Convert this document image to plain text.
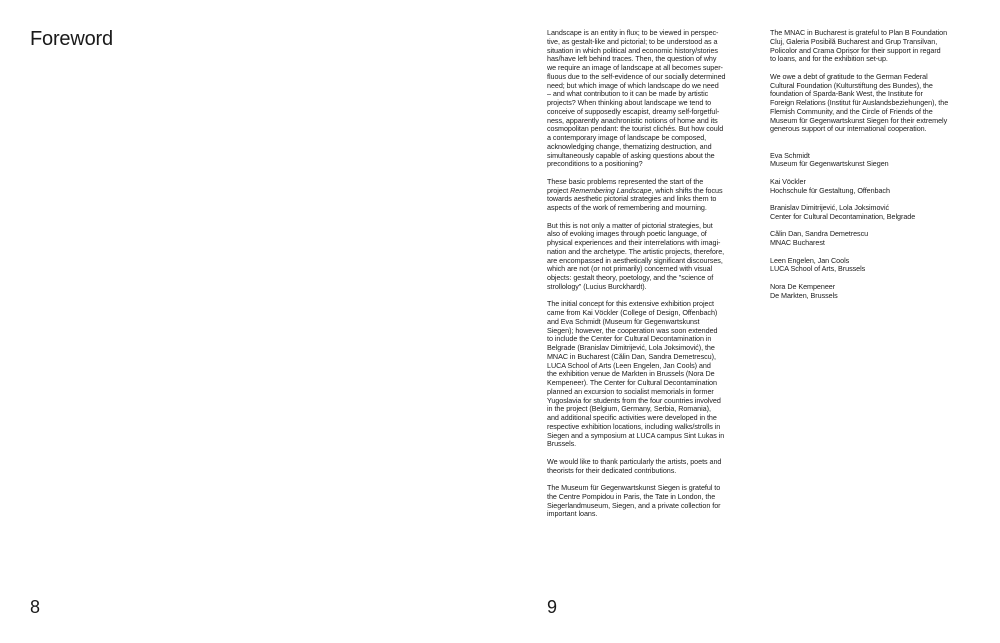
Foreword
8

Landscape is an entity in flux; to be viewed in perspec-
tive, as gestalt-like and pictorial; to be understood as a
situation in which political and economic history/stories
has/have left behind traces. Then, the question of why
we require an image of landscape at all becomes super-
fluous due to the self-evidence of our socially determined
need; but which image of which landscape do we need
– and what contribution to it can be made by artistic
projects? When thinking about landscape we tend to
conceive of supposedly escapist, dreamy self-forgetful-
ness, apparently anachronistic notions of home and its
cosmopolitan pendant: the tourist clichés. But how could
a contemporary image of landscape be composed,
acknowledging change, thematizing destruction, and
simultaneously capable of asking questions about the
preconditions to a positioning?

These basic problems represented the start of the
project Remembering Landscape, which shifts the focus
towards aesthetic pictorial strategies and links them to
aspects of the work of remembering and mourning.

But this is not only a matter of pictorial strategies, but
also of evoking images through poetic language, of
physical experiences and their interrelations with imagi-
nation and the archetype. The artistic projects, therefore,
are encompassed in aesthetically significant discourses,
which are not (or not primarily) concerned with visual
objects: gestalt theory, poetology, and the "science of
strollology" (Lucius Burckhardt).

The initial concept for this extensive exhibition project
came from Kai Vöckler (College of Design, Offenbach)
and Eva Schmidt (Museum für Gegenwartskunst
Siegen); however, the cooperation was soon extended
to include the Center for Cultural Decontamination in
Belgrade (Branislav Dimitrijević, Lola Joksimović), the
MNAC in Bucharest (Călin Dan, Sandra Demetrescu),
LUCA School of Arts (Leen Engelen, Jan Cools) and
the exhibition venue de Markten in Brussels (Nora De
Kempeneer). The Center for Cultural Decontamination
planned an excursion to socialist memorials in former
Yugoslavia for students from the four countries involved
in the project (Belgium, Germany, Serbia, Romania),
and additional specific activities were developed in the
respective exhibition locations, including walks/strolls in
Siegen and a symposium at LUCA campus Sint Lukas in
Brussels.

We would like to thank particularly the artists, poets and
theorists for their dedicated contributions.

The Museum für Gegenwartskunst Siegen is grateful to
the Centre Pompidou in Paris, the Tate in London, the
Siegerlandmuseum, Siegen, and a private collection for
important loans.

The MNAC in Bucharest is grateful to Plan B Foundation
Cluj, Galeria Posibilă Bucharest and Grup Transilvan,
Policolor and Crama Oprișor for their support in regard
to loans, and for the exhibition set-up.

We owe a debt of gratitude to the German Federal
Cultural Foundation (Kulturstiftung des Bundes), the
foundation of Sparda-Bank West, the Institute for
Foreign Relations (Institut für Auslandsbeziehungen), the
Flemish Community, and the Circle of Friends of the
Museum für Gegenwartskunst Siegen for their extremely
generous support of our international cooperation.

Eva Schmidt
Museum für Gegenwartskunst Siegen
Kai Vöckler
Hochschule für Gestaltung, Offenbach
Branislav Dimitrijević, Lola Joksimović
Center for Cultural Decontamination, Belgrade
Călin Dan, Sandra Demetrescu
MNAC Bucharest
Leen Engelen, Jan Cools
LUCA School of Arts, Brussels
Nora De Kempeneer
De Markten, Brussels
9
